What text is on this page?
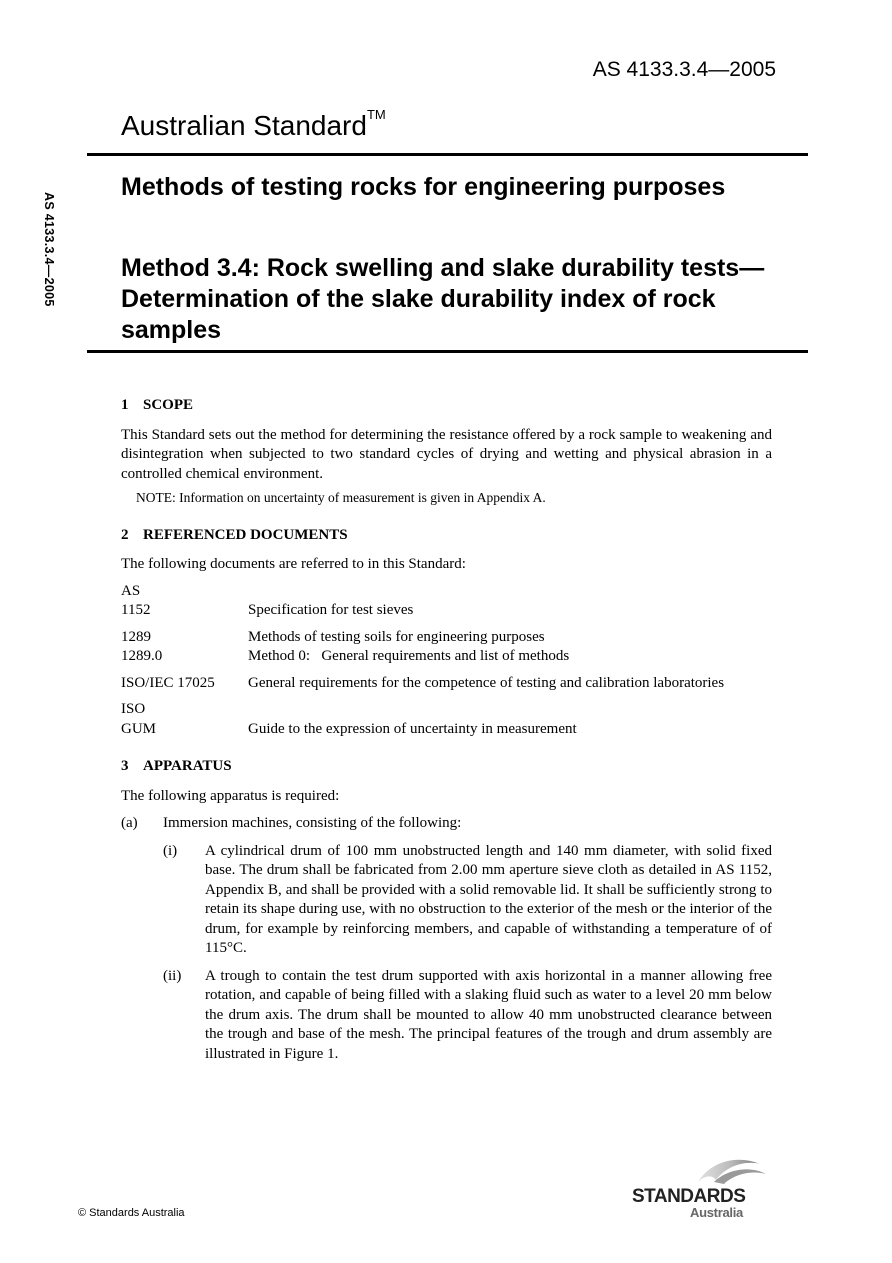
AS 4133.3.4—2005
Australian Standard™
AS 4133.3.4—2005
Methods of testing rocks for engineering purposes
Method 3.4: Rock swelling and slake durability tests—Determination of the slake durability index of rock samples
1 SCOPE

This Standard sets out the method for determining the resistance offered by a rock sample to weakening and disintegration when subjected to two standard cycles of drying and wetting and physical abrasion in a controlled chemical environment.

NOTE: Information on uncertainty of measurement is given in Appendix A.

2 REFERENCED DOCUMENTS

The following documents are referred to in this Standard:

AS
1152	Specification for test sieves
1289	Methods of testing soils for engineering purposes
1289.0	Method 0:   General requirements and list of methods
ISO/IEC 17025	General requirements for the competence of testing and calibration laboratories
ISO
GUM	Guide to the expression of uncertainty in measurement
3 APPARATUS

The following apparatus is required:

(a)	Immersion machines, consisting of the following:
(i)	A cylindrical drum of 100 mm unobstructed length and 140 mm diameter, with solid fixed base. The drum shall be fabricated from 2.00 mm aperture sieve cloth as detailed in AS 1152, Appendix B, and shall be provided with a solid removable lid. It shall be sufficiently strong to retain its shape during use, with no obstruction to the exterior of the mesh or the interior of the drum, for example by reinforcing members, and capable of withstanding a temperature of of 115°C.
(ii)	A trough to contain the test drum supported with axis horizontal in a manner allowing free rotation, and capable of being filled with a slaking fluid such as water to a level 20 mm below the drum axis. The drum shall be mounted to allow 40 mm unobstructed clearance between the trough and base of the mesh. The principal features of the trough and drum assembly are illustrated in Figure 1.
© Standards Australia
STANDARDS
Australia
